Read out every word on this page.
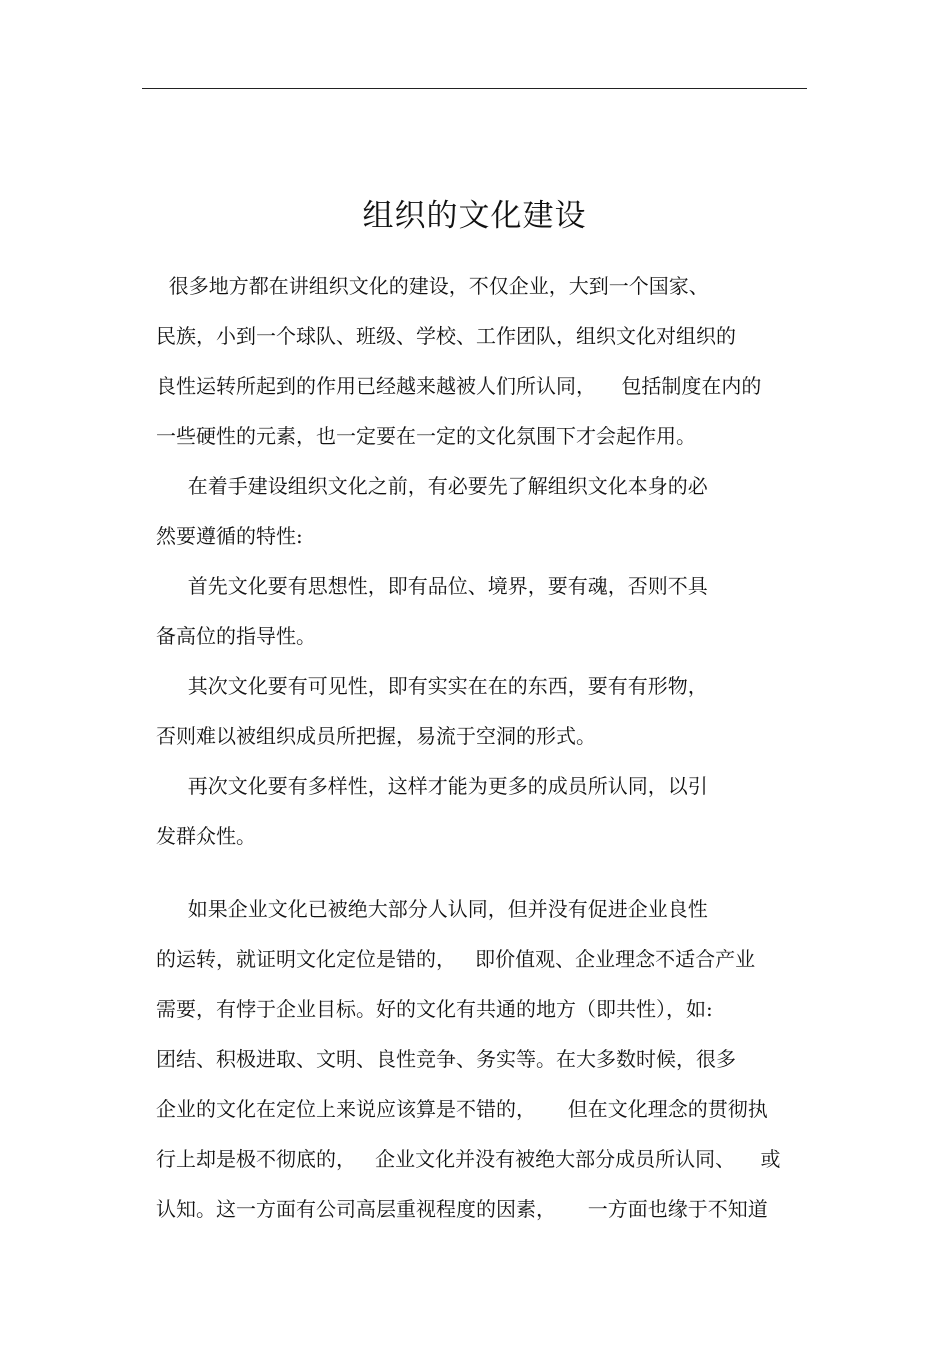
组织的文化建设

很多地方都在讲组织文化的建设，不仅企业，大到一个国家、

民族，小到一个球队、班级、学校、工作团队，组织文化对组织的

良性运转所起到的作用已经越来越被人们所认同，    包括制度在内的

一些硬性的元素，也一定要在一定的文化氛围下才会起作用。

在着手建设组织文化之前，有必要先了解组织文化本身的必

然要遵循的特性:

首先文化要有思想性，即有品位、境界，要有魂，否则不具

备高位的指导性。

其次文化要有可见性，即有实实在在的东西，要有有形物，

否则难以被组织成员所把握，易流于空洞的形式。

再次文化要有多样性，这样才能为更多的成员所认同，以引

发群众性。

如果企业文化已被绝大部分人认同，但并没有促进企业良性

的运转，就证明文化定位是错的，   即价值观、企业理念不适合产业

需要，有悖于企业目标。好的文化有共通的地方（即共性），如:

团结、积极进取、文明、良性竞争、务实等。在大多数时候，很多

企业的文化在定位上来说应该算是不错的，     但在文化理念的贯彻执

行上却是极不彻底的，   企业文化并没有被绝大部分成员所认同、    或

认知。这一方面有公司高层重视程度的因素，     一方面也缘于不知道
